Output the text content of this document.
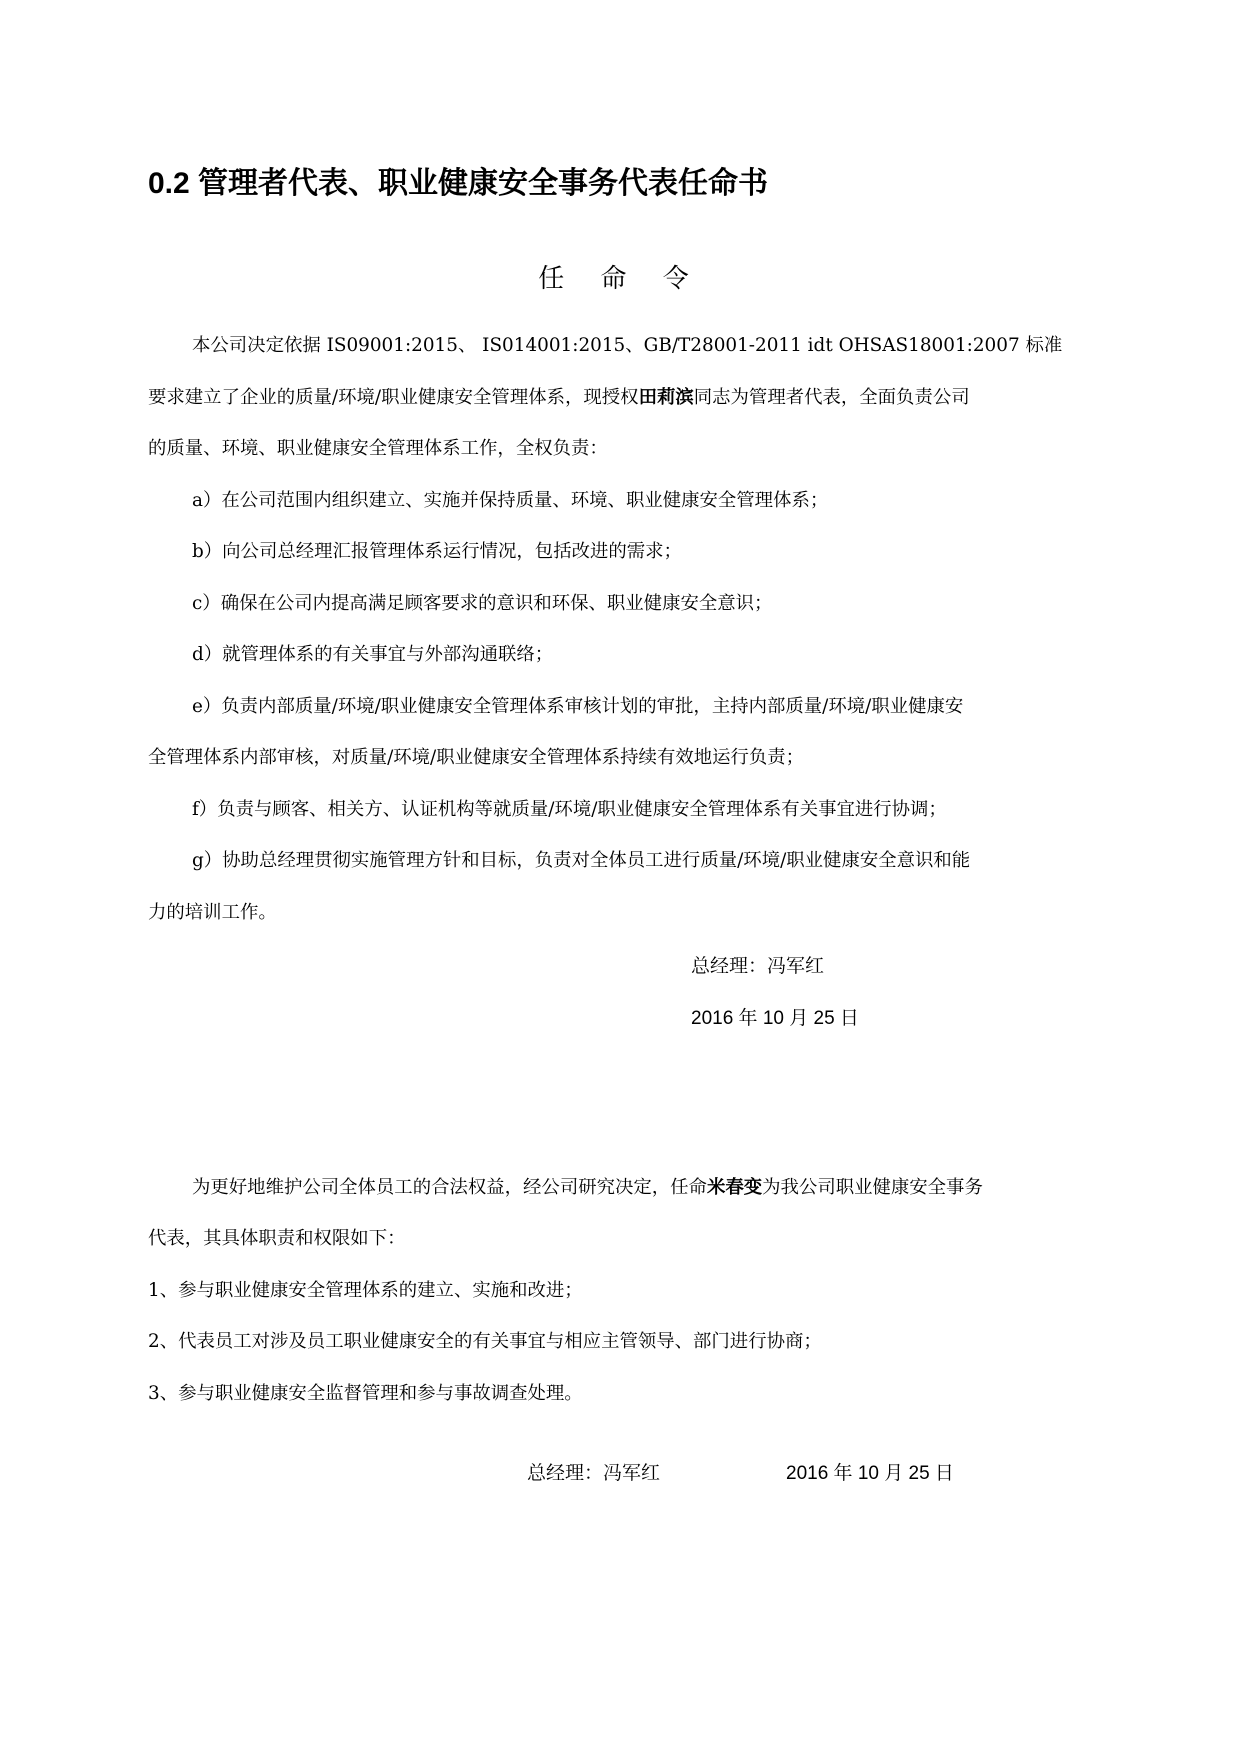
0.2 管理者代表、职业健康安全事务代表任命书
任 命 令
本公司决定依据 IS09001:2015、 IS014001:2015、GB/T28001-2011 idt OHSAS18001:2007 标准
要求建立了企业的质量/环境/职业健康安全管理体系，现授权田莉滨同志为管理者代表，全面负责公司
的质量、环境、职业健康安全管理体系工作，全权负责：
a）在公司范围内组织建立、实施并保持质量、环境、职业健康安全管理体系；
b）向公司总经理汇报管理体系运行情况，包括改进的需求；
c）确保在公司内提高满足顾客要求的意识和环保、职业健康安全意识；
d）就管理体系的有关事宜与外部沟通联络；
e）负责内部质量/环境/职业健康安全管理体系审核计划的审批，主持内部质量/环境/职业健康安
全管理体系内部审核，对质量/环境/职业健康安全管理体系持续有效地运行负责；
f）负责与顾客、相关方、认证机构等就质量/环境/职业健康安全管理体系有关事宜进行协调；
g）协助总经理贯彻实施管理方针和目标，负责对全体员工进行质量/环境/职业健康安全意识和能
力的培训工作。
总经理：冯军红
2016 年 10 月 25 日
为更好地维护公司全体员工的合法权益，经公司研究决定，任命米春变为我公司职业健康安全事务
代表，其具体职责和权限如下：
1、参与职业健康安全管理体系的建立、实施和改进；
2、代表员工对涉及员工职业健康安全的有关事宜与相应主管领导、部门进行协商；
3、参与职业健康安全监督管理和参与事故调查处理。
总经理：冯军红	2016 年 10 月 25 日
